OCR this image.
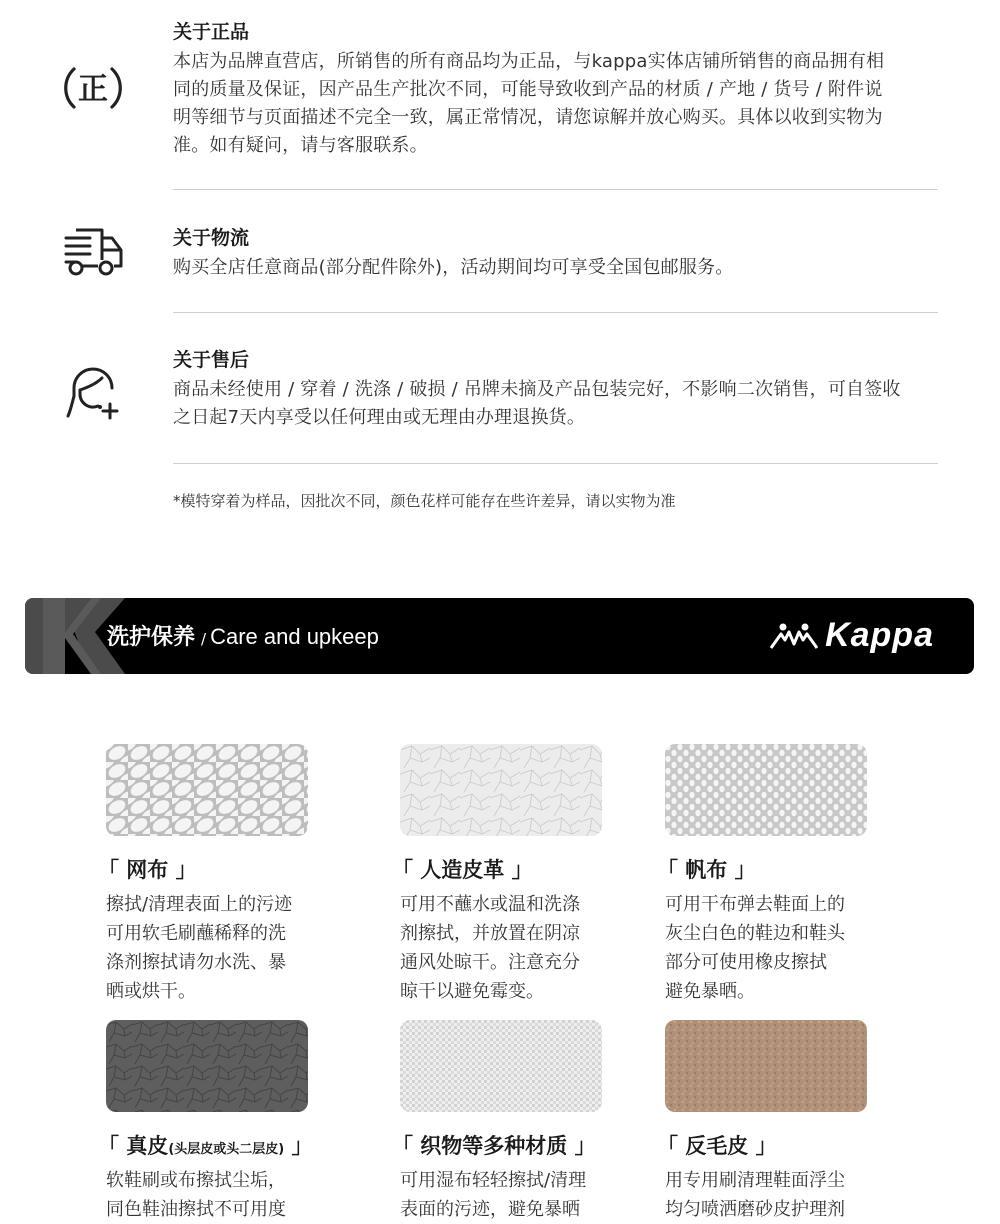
正

关于正品

本店为品牌直营店，所销售的所有商品均为正品，与kappa实体店铺所销售的商品拥有相

同的质量及保证，因产品生产批次不同，可能导致收到产品的材质 / 产地 / 货号 / 附件说

明等细节与页面描述不完全一致，属正常情况，请您谅解并放心购买。具体以收到实物为

准。如有疑问，请与客服联系。

关于物流

购买全店任意商品(部分配件除外)，活动期间均可享受全国包邮服务。

关于售后

商品未经使用 / 穿着 / 洗涤 / 破损 / 吊牌未摘及产品包装完好，不影响二次销售，可自签收

之日起7天内享受以任何理由或无理由办理退换货。

*模特穿着为样品，因批次不同，颜色花样可能存在些许差异，请以实物为准
洗护保养 / Care and upkeep	Kappa
「 网布 」
擦拭/清理表面上的污迹
可用软毛刷蘸稀释的洗
涤剂擦拭请勿水洗、暴
晒或烘干。
「 人造皮革 」
可用不蘸水或温和洗涤
剂擦拭，并放置在阴凉
通风处晾干。注意充分
晾干以避免霉变。
「 帆布 」
可用干布弹去鞋面上的
灰尘白色的鞋边和鞋头
部分可使用橡皮擦拭
避免暴晒。
「 真皮(头层皮或头二层皮) 」
软鞋刷或布擦拭尘垢，
同色鞋油擦拭不可用度
「 织物等多种材质 」
可用湿布轻轻擦拭/清理
表面的污迹，避免暴晒
「 反毛皮 」
用专用刷清理鞋面浮尘
均匀喷洒磨砂皮护理剂
